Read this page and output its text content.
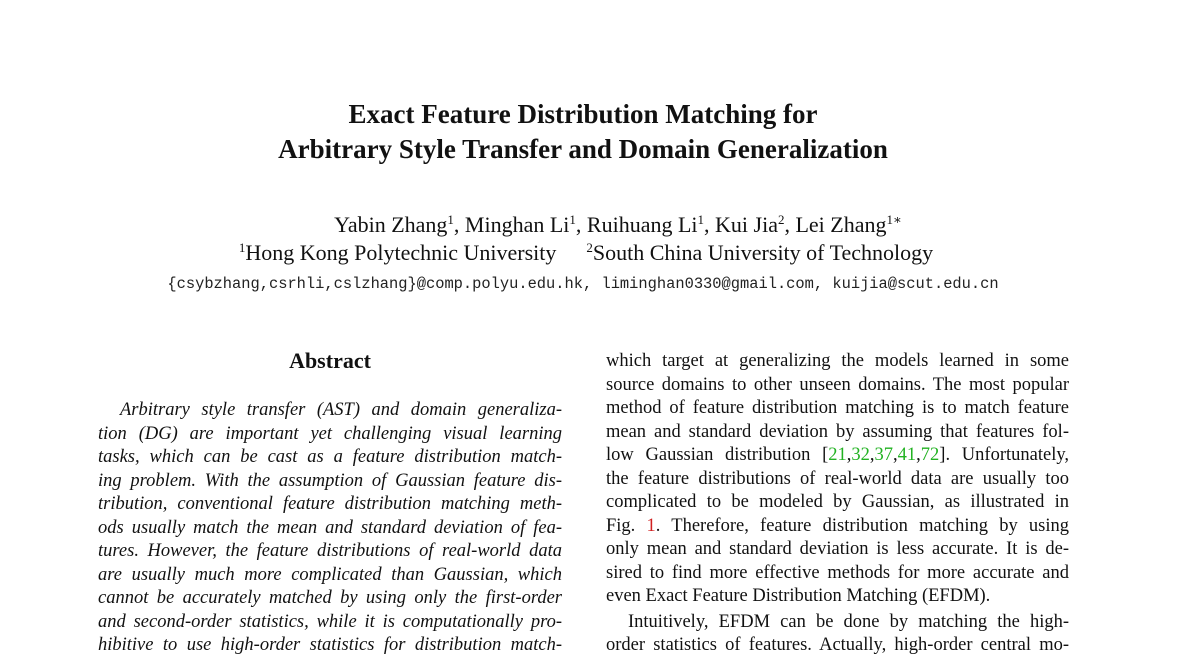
Exact Feature Distribution Matching for
Arbitrary Style Transfer and Domain Generalization
Yabin Zhang$^1$, Minghan Li$^1$, Ruihuang Li$^1$, Kui Jia$^2$, Lei Zhang$^{1∗}$
$^1$Hong Kong Polytechnic University $^2$South China University of Technology
{csybzhang,csrhli,cslzhang}@comp.polyu.edu.hk, liminghan0330@gmail.com, kuijia@scut.edu.cn
Abstract
Arbitrary style transfer (AST) and domain generaliza-
tion (DG) are important yet challenging visual learning
tasks, which can be cast as a feature distribution match-
ing problem. With the assumption of Gaussian feature dis-
tribution, conventional feature distribution matching meth-
ods usually match the mean and standard deviation of fea-
tures. However, the feature distributions of real-world data
are usually much more complicated than Gaussian, which
cannot be accurately matched by using only the first-order
and second-order statistics, while it is computationally pro-
hibitive to use high-order statistics for distribution match-
which target at generalizing the models learned in some
source domains to other unseen domains. The most popular
method of feature distribution matching is to match feature
mean and standard deviation by assuming that features fol-
low Gaussian distribution [21,32,37,41,72]. Unfortunately,
the feature distributions of real-world data are usually too
complicated to be modeled by Gaussian, as illustrated in
Fig. 1. Therefore, feature distribution matching by using
only mean and standard deviation is less accurate. It is de-
sired to find more effective methods for more accurate and
even Exact Feature Distribution Matching (EFDM).
Intuitively, EFDM can be done by matching the high-
order statistics of features. Actually, high-order central mo-
